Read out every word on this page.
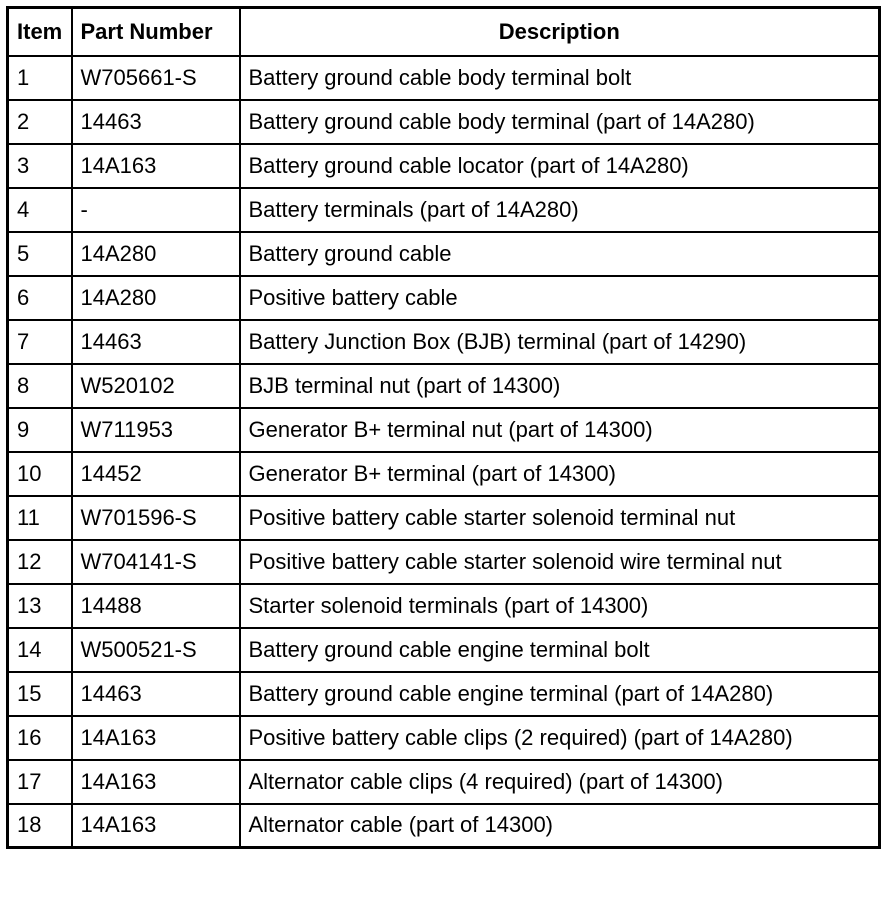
Item	Part Number	Description
1	W705661-S	Battery ground cable body terminal bolt
2	14463	Battery ground cable body terminal (part of 14A280)
3	14A163	Battery ground cable locator (part of 14A280)
4	-	Battery terminals (part of 14A280)
5	14A280	Battery ground cable
6	14A280	Positive battery cable
7	14463	Battery Junction Box (BJB) terminal (part of 14290)
8	W520102	BJB terminal nut (part of 14300)
9	W711953	Generator B+ terminal nut (part of 14300)
10	14452	Generator B+ terminal (part of 14300)
11	W701596-S	Positive battery cable starter solenoid terminal nut
12	W704141-S	Positive battery cable starter solenoid wire terminal nut
13	14488	Starter solenoid terminals (part of 14300)
14	W500521-S	Battery ground cable engine terminal bolt
15	14463	Battery ground cable engine terminal (part of 14A280)
16	14A163	Positive battery cable clips (2 required) (part of 14A280)
17	14A163	Alternator cable clips (4 required) (part of 14300)
18	14A163	Alternator cable (part of 14300)
